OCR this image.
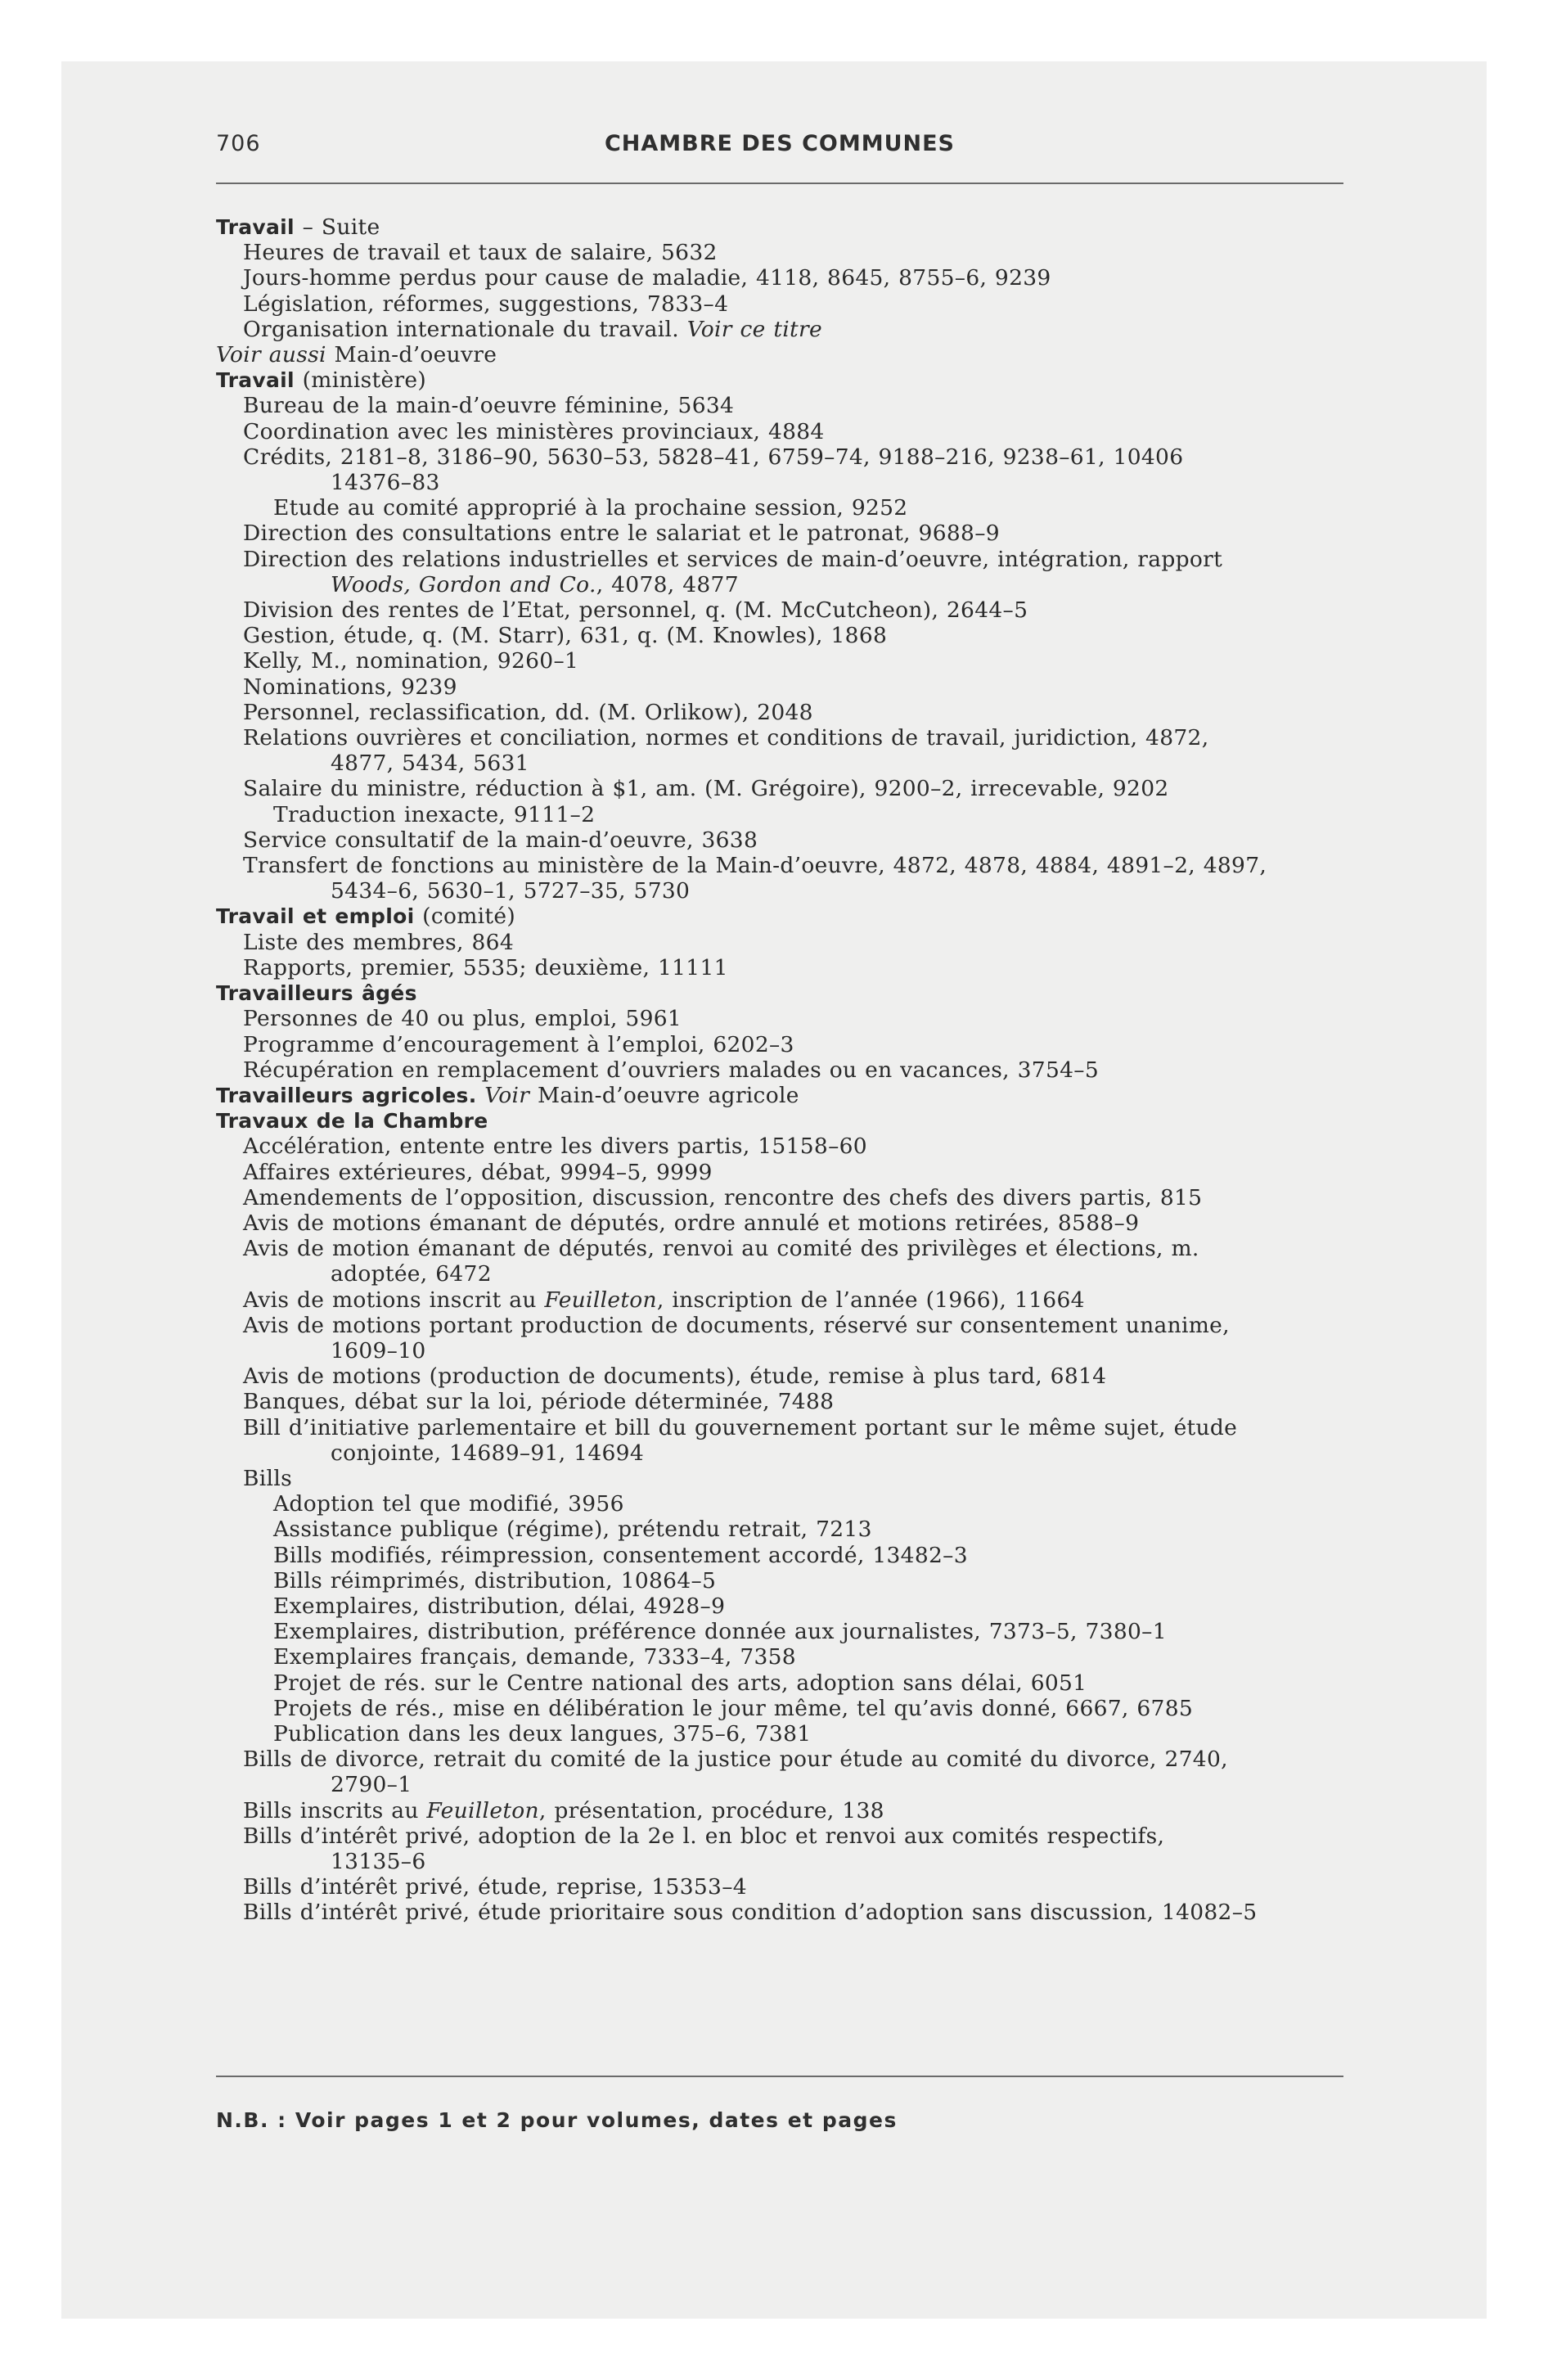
706	CHAMBRE DES COMMUNES
Travail – Suite
Heures de travail et taux de salaire, 5632
Jours-homme perdus pour cause de maladie, 4118, 8645, 8755–6, 9239
Législation, réformes, suggestions, 7833–4
Organisation internationale du travail. Voir ce titre
Voir aussi Main-d’oeuvre
Travail (ministère)
Bureau de la main-d’oeuvre féminine, 5634
Coordination avec les ministères provinciaux, 4884
Crédits, 2181–8, 3186–90, 5630–53, 5828–41, 6759–74, 9188–216, 9238–61, 10406
14376–83
Etude au comité approprié à la prochaine session, 9252
Direction des consultations entre le salariat et le patronat, 9688–9
Direction des relations industrielles et services de main-d’oeuvre, intégration, rapport
Woods, Gordon and Co., 4078, 4877
Division des rentes de l’Etat, personnel, q. (M. McCutcheon), 2644–5
Gestion, étude, q. (M. Starr), 631, q. (M. Knowles), 1868
Kelly, M., nomination, 9260–1
Nominations, 9239
Personnel, reclassification, dd. (M. Orlikow), 2048
Relations ouvrières et conciliation, normes et conditions de travail, juridiction, 4872,
4877, 5434, 5631
Salaire du ministre, réduction à $1, am. (M. Grégoire), 9200–2, irrecevable, 9202
Traduction inexacte, 9111–2
Service consultatif de la main-d’oeuvre, 3638
Transfert de fonctions au ministère de la Main-d’oeuvre, 4872, 4878, 4884, 4891–2, 4897,
5434–6, 5630–1, 5727–35, 5730
Travail et emploi (comité)
Liste des membres, 864
Rapports, premier, 5535; deuxième, 11111
Travailleurs âgés
Personnes de 40 ou plus, emploi, 5961
Programme d’encouragement à l’emploi, 6202–3
Récupération en remplacement d’ouvriers malades ou en vacances, 3754–5
Travailleurs agricoles. Voir Main-d’oeuvre agricole
Travaux de la Chambre
Accélération, entente entre les divers partis, 15158–60
Affaires extérieures, débat, 9994–5, 9999
Amendements de l’opposition, discussion, rencontre des chefs des divers partis, 815
Avis de motions émanant de députés, ordre annulé et motions retirées, 8588–9
Avis de motion émanant de députés, renvoi au comité des privilèges et élections, m.
adoptée, 6472
Avis de motions inscrit au Feuilleton, inscription de l’année (1966), 11664
Avis de motions portant production de documents, réservé sur consentement unanime,
1609–10
Avis de motions (production de documents), étude, remise à plus tard, 6814
Banques, débat sur la loi, période déterminée, 7488
Bill d’initiative parlementaire et bill du gouvernement portant sur le même sujet, étude
conjointe, 14689–91, 14694
Bills
Adoption tel que modifié, 3956
Assistance publique (régime), prétendu retrait, 7213
Bills modifiés, réimpression, consentement accordé, 13482–3
Bills réimprimés, distribution, 10864–5
Exemplaires, distribution, délai, 4928–9
Exemplaires, distribution, préférence donnée aux journalistes, 7373–5, 7380–1
Exemplaires français, demande, 7333–4, 7358
Projet de rés. sur le Centre national des arts, adoption sans délai, 6051
Projets de rés., mise en délibération le jour même, tel qu’avis donné, 6667, 6785
Publication dans les deux langues, 375–6, 7381
Bills de divorce, retrait du comité de la justice pour étude au comité du divorce, 2740,
2790–1
Bills inscrits au Feuilleton, présentation, procédure, 138
Bills d’intérêt privé, adoption de la 2e l. en bloc et renvoi aux comités respectifs,
13135–6
Bills d’intérêt privé, étude, reprise, 15353–4
Bills d’intérêt privé, étude prioritaire sous condition d’adoption sans discussion, 14082–5
N.B. : Voir pages 1 et 2 pour volumes, dates et pages
